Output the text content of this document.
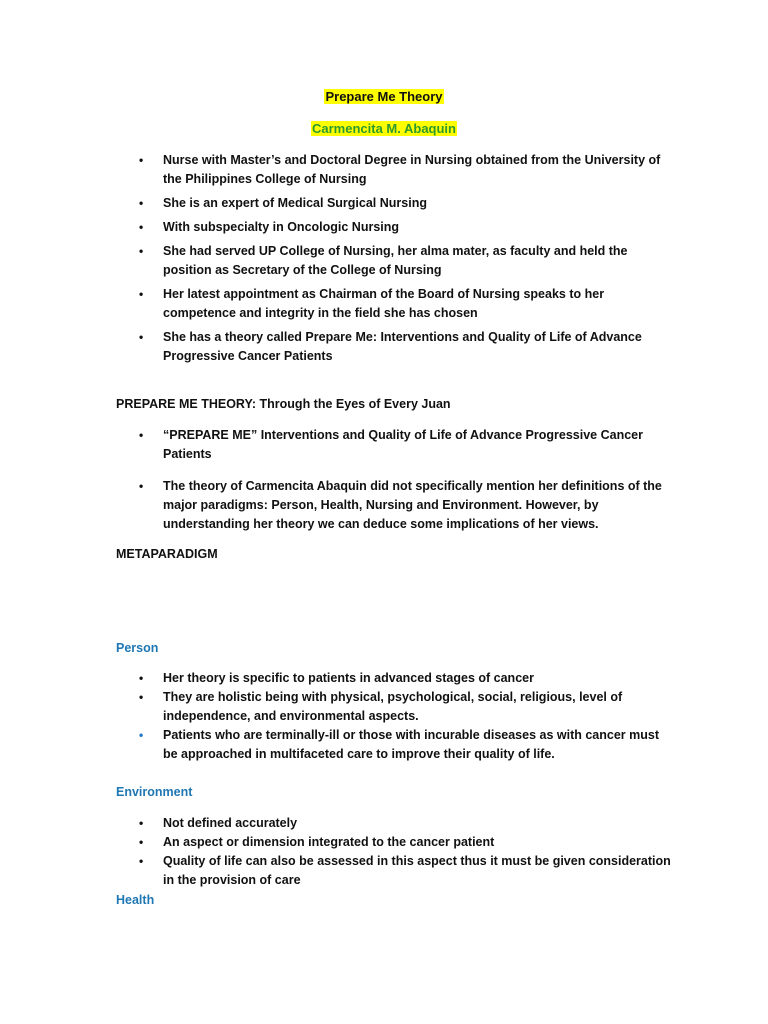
Prepare Me Theory
Carmencita M. Abaquin
• Nurse with Master’s and Doctoral Degree in Nursing obtained from the University of the Philippines College of Nursing
• She is an expert of Medical Surgical Nursing
• With subspecialty in Oncologic Nursing
• She had served UP College of Nursing, her alma mater, as faculty and held the position as Secretary of the College of Nursing
• Her latest appointment as Chairman of the Board of Nursing speaks to her competence and integrity in the field she has chosen
• She has a theory called Prepare Me: Interventions and Quality of Life of Advance Progressive Cancer Patients
PREPARE ME THEORY: Through the Eyes of Every Juan
• “PREPARE ME” Interventions and Quality of Life of Advance Progressive Cancer Patients
• The theory of Carmencita Abaquin did not specifically mention her definitions of the major paradigms: Person, Health, Nursing and Environment. However, by understanding her theory we can deduce some implications of her views.
METAPARADIGM
Person
• Her theory is specific to patients in advanced stages of cancer
• They are holistic being with physical, psychological, social, religious, level of independence, and environmental aspects.
• Patients who are terminally-ill or those with incurable diseases as with cancer must be approached in multifaceted care to improve their quality of life.
Environment
• Not defined accurately
• An aspect or dimension integrated to the cancer patient
• Quality of life can also be assessed in this aspect thus it must be given consideration in the provision of care
Health
